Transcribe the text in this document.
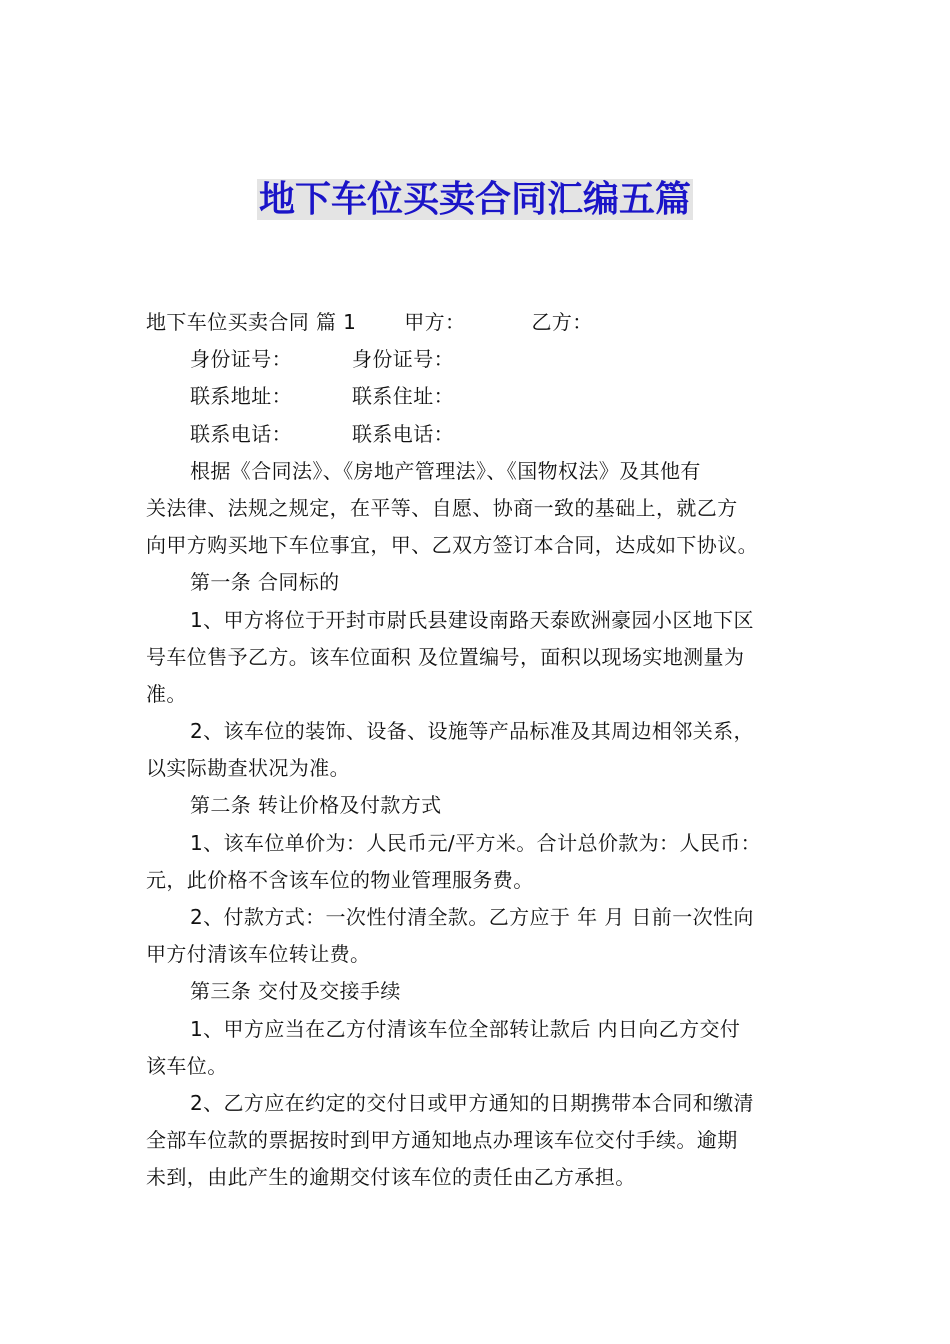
地下车位买卖合同汇编五篇
地下车位买卖合同 篇 1 甲方：	乙方：
身份证号：	身份证号：
联系地址：	联系住址：
联系电话：	联系电话：
根据《合同法》、《房地产管理法》、《国物权法》及其他有
关法律、法规之规定，在平等、自愿、协商一致的基础上，就乙方
向甲方购买地下车位事宜，甲、乙双方签订本合同，达成如下协议。
第一条 合同标的
1、甲方将位于开封市尉氏县建设南路天泰欧洲豪园小区地下区
号车位售予乙方。该车位面积 及位置编号，面积以现场实地测量为
准。
2、该车位的装饰、设备、设施等产品标准及其周边相邻关系，
以实际勘查状况为准。
第二条 转让价格及付款方式
1、该车位单价为：人民币元/平方米。合计总价款为：人民币：
元，此价格不含该车位的物业管理服务费。
2、付款方式：一次性付清全款。乙方应于 年 月 日前一次性向
甲方付清该车位转让费。
第三条 交付及交接手续
1、甲方应当在乙方付清该车位全部转让款后 内日向乙方交付
该车位。
2、乙方应在约定的交付日或甲方通知的日期携带本合同和缴清
全部车位款的票据按时到甲方通知地点办理该车位交付手续。逾期
未到，由此产生的逾期交付该车位的责任由乙方承担。
